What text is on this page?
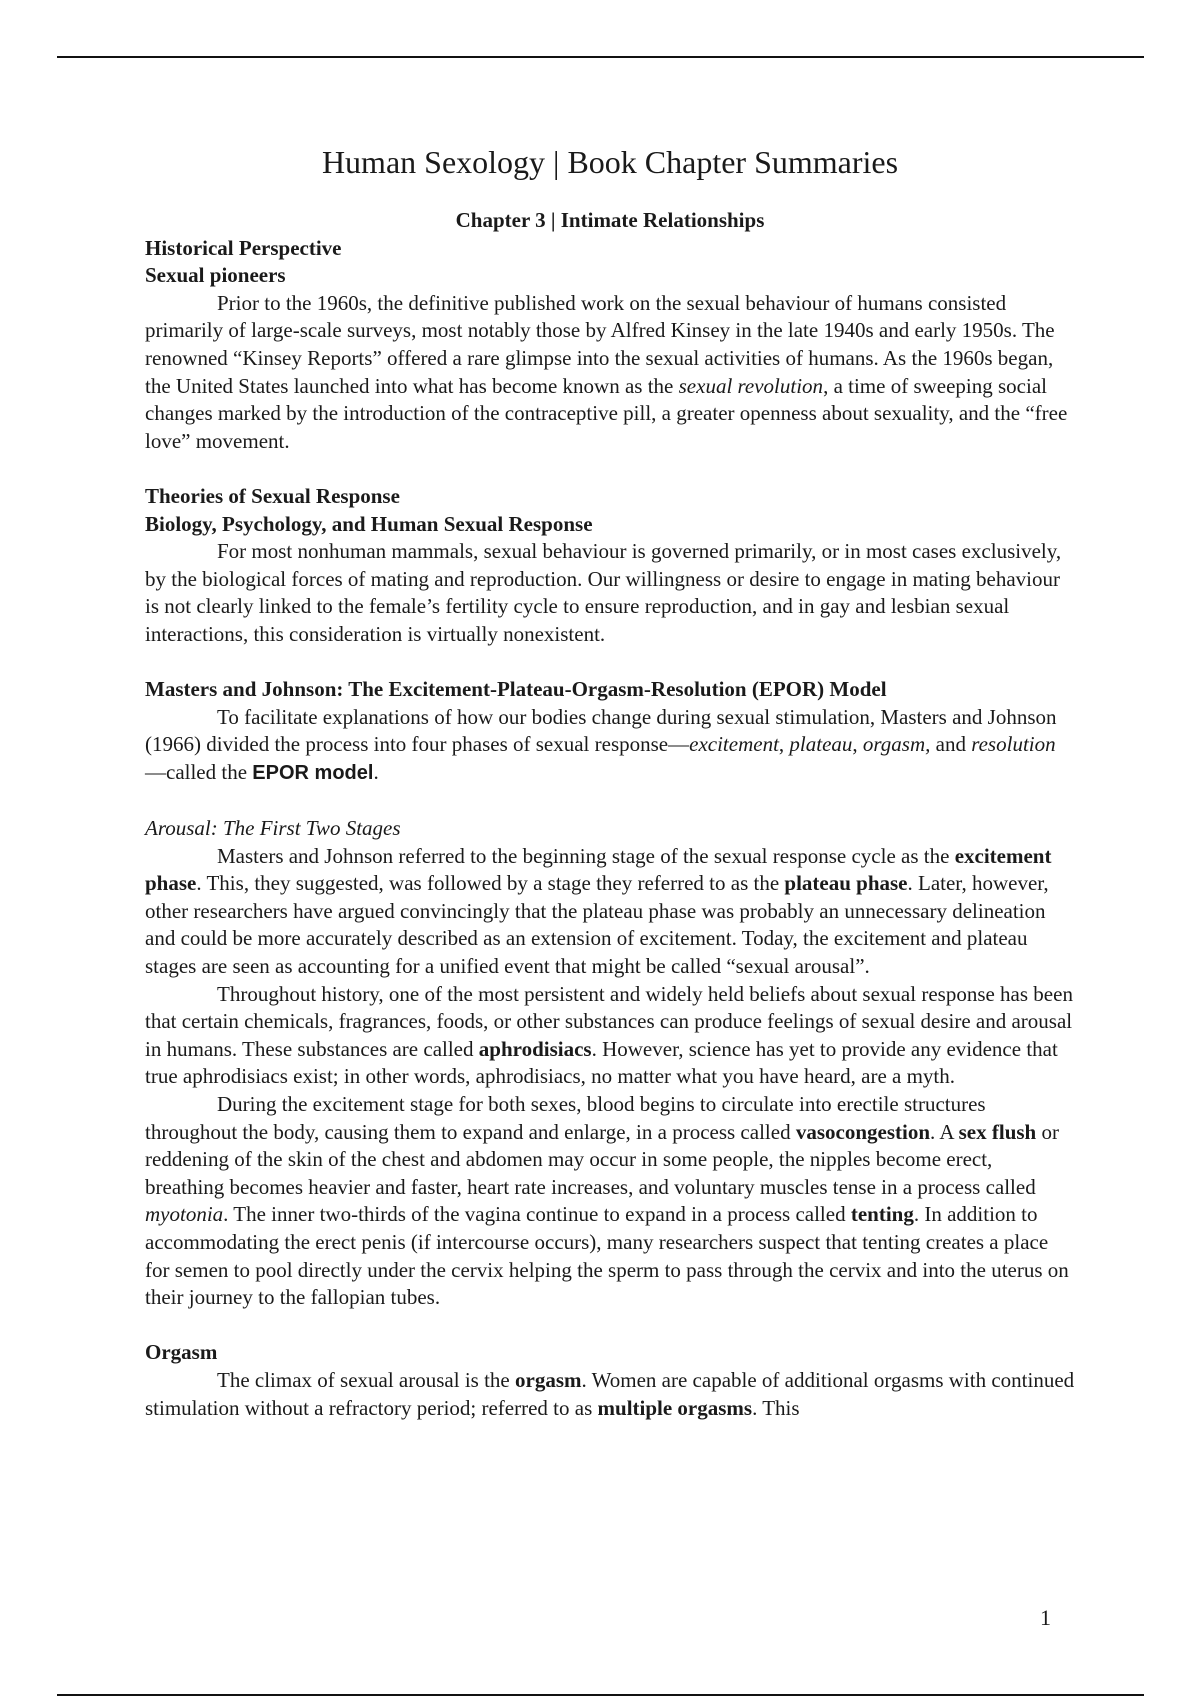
Human Sexology | Book Chapter Summaries
Chapter 3 | Intimate Relationships
Historical Perspective
Sexual pioneers

Prior to the 1960s, the definitive published work on the sexual behaviour of humans consisted primarily of large-scale surveys, most notably those by Alfred Kinsey in the late 1940s and early 1950s. The renowned “Kinsey Reports” offered a rare glimpse into the sexual activities of humans. As the 1960s began, the United States launched into what has become known as the sexual revolution, a time of sweeping social changes marked by the introduction of the contraceptive pill, a greater openness about sexuality, and the “free love” movement.

Theories of Sexual Response
Biology, Psychology, and Human Sexual Response

For most nonhuman mammals, sexual behaviour is governed primarily, or in most cases exclusively, by the biological forces of mating and reproduction. Our willingness or desire to engage in mating behaviour is not clearly linked to the female’s fertility cycle to ensure reproduction, and in gay and lesbian sexual interactions, this consideration is virtually nonexistent.

Masters and Johnson: The Excitement-Plateau-Orgasm-Resolution (EPOR) Model

To facilitate explanations of how our bodies change during sexual stimulation, Masters and Johnson (1966) divided the process into four phases of sexual response—excitement, plateau, orgasm, and resolution—called the EPOR model.

Arousal: The First Two Stages

Masters and Johnson referred to the beginning stage of the sexual response cycle as the excitement phase. This, they suggested, was followed by a stage they referred to as the plateau phase. Later, however, other researchers have argued convincingly that the plateau phase was probably an unnecessary delineation and could be more accurately described as an extension of excitement. Today, the excitement and plateau stages are seen as accounting for a unified event that might be called “sexual arousal”.

Throughout history, one of the most persistent and widely held beliefs about sexual response has been that certain chemicals, fragrances, foods, or other substances can produce feelings of sexual desire and arousal in humans. These substances are called aphrodisiacs. However, science has yet to provide any evidence that true aphrodisiacs exist; in other words, aphrodisiacs, no matter what you have heard, are a myth.

During the excitement stage for both sexes, blood begins to circulate into erectile structures throughout the body, causing them to expand and enlarge, in a process called vasocongestion. A sex flush or reddening of the skin of the chest and abdomen may occur in some people, the nipples become erect, breathing becomes heavier and faster, heart rate increases, and voluntary muscles tense in a process called myotonia. The inner two-thirds of the vagina continue to expand in a process called tenting. In addition to accommodating the erect penis (if intercourse occurs), many researchers suspect that tenting creates a place for semen to pool directly under the cervix helping the sperm to pass through the cervix and into the uterus on their journey to the fallopian tubes.

Orgasm

The climax of sexual arousal is the orgasm. Women are capable of additional orgasms with continued stimulation without a refractory period; referred to as multiple orgasms. This

1
